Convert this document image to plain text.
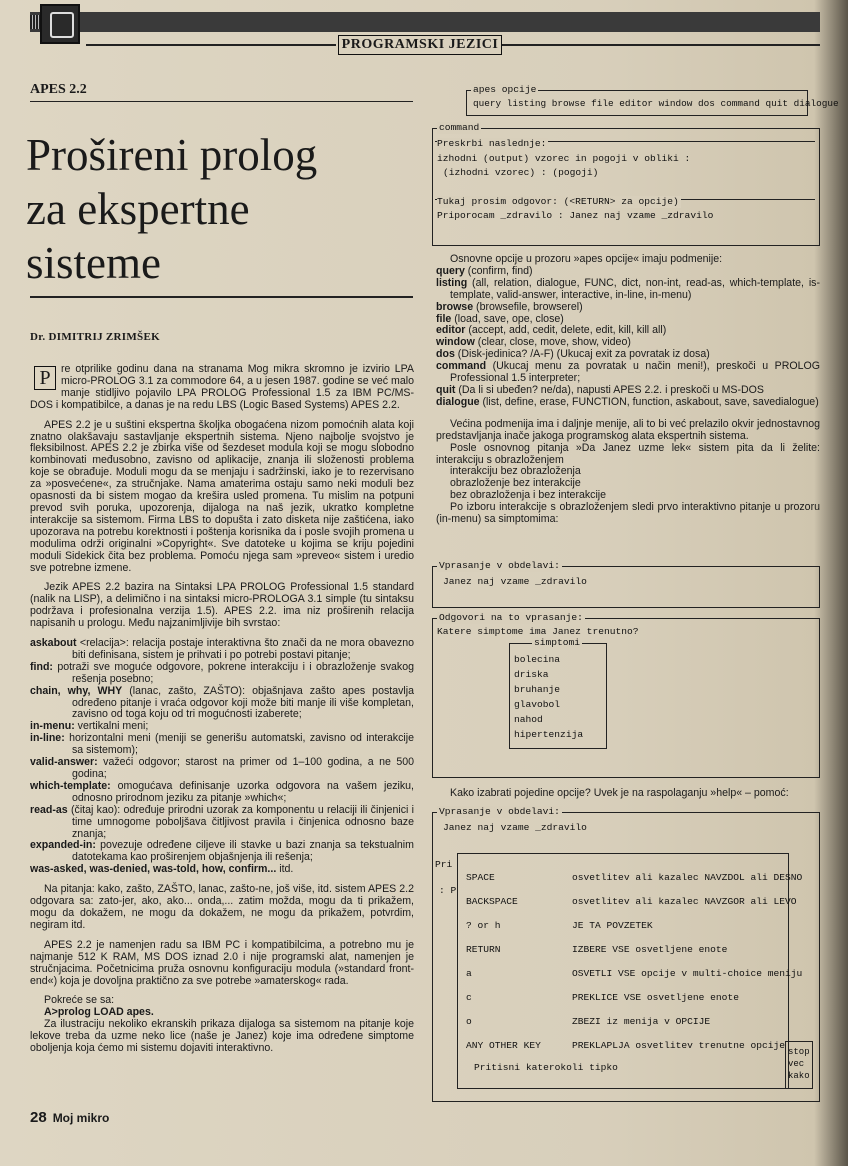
PROGRAMSKI JEZICI
APES 2.2
Prošireni prolog
za ekspertne
sisteme
Dr. DIMITRIJ ZRIMŠEK

P re otprilike godinu dana na stranama Mog mikra skromno je izvirio LPA micro-PROLOG 3.1 za commodore 64, a u jesen 1987. godine se već malo manje stidljivo pojavilo LPA PROLOG Professional 1.5 za IBM PC/MS-DOS i kompatibilce, a danas je na redu LBS (Logic Based Systems) APES 2.2.

APES 2.2 je u suštini ekspertna školjka obogaćena nizom pomoćnih alata koji znatno olakšavaju sastavljanje ekspertnih sistema. Njeno najbolje svojstvo je fleksibilnost. APES 2.2 je zbirka više od šezdeset modula koji se mogu slobodno kombinovati međusobno, zavisno od aplikacije, znanja ili složenosti problema koje se obrađuje. Moduli mogu da se menjaju i sadržinski, iako je to rezervisano za »posvećene«, za stručnjake. Nama amaterima ostaju samo neki moduli bez opasnosti da bi sistem mogao da krešira usled promena. Tu mislim na potpuni prevod svih poruka, upozorenja, dijaloga na naš jezik, ukratko kompletne interakcije sa sistemom. Firma LBS to dopušta i zato disketa nije zaštićena, iako upozorava na potrebu korektnosti i poštenja korisnika da i posle svojih promena u modulima održi originalni »Copyright«. Sve datoteke u kojima se kriju pojedini moduli Sidekick čita bez problema. Pomoću njega sam »preveo« sistem i uredio sve potrebne izmene.

Jezik APES 2.2 bazira na Sintaksi LPA PROLOG Professional 1.5 standard (nalik na LISP), a delimično i na sintaksi micro-PROLOGA 3.1 simple (tu sintaksu podržava i profesionalna verzija 1.5). APES 2.2. ima niz proširenih relacija napisanih u prologu. Među najzanimljivije bih svrstao:

askabout <relacija>: relacija postaje interaktivna što znači da ne mora obavezno biti definisana, sistem je prihvati i po potrebi postavi pitanje;
find: potraži sve moguće odgovore, pokrene interakciju i i obrazloženje svakog rešenja posebno;
chain, why, WHY (lanac, zašto, ZAŠTO): objašnjava zašto apes postavlja određeno pitanje i vraća odgovor koji može biti manje ili više kompletan, zavisno od toga koju od tri mogućnosti izaberete;
in-menu: vertikalni meni;
in-line: horizontalni meni (meniji se generišu automatski, zavisno od interakcije sa sistemom);
valid-answer: važeći odgovor; starost na primer od 1–100 godina, a ne 500 godina;
which-template: omogućava definisanje uzorka odgovora na vašem jeziku, odnosno prirodnom jeziku za pitanje »which«;
read-as (čitaj kao): određuje prirodni uzorak za komponentu u relaciji ili činjenici i time umnogome poboljšava čitljivost pravila i činjenica odnosno baze znanja;
expanded-in: povezuje određene ciljeve ili stavke u bazi znanja sa tekstualnim datotekama kao proširenjem objašnjenja ili rešenja;
was-asked, was-denied, was-told, how, confirm... itd.

Na pitanja: kako, zašto, ZAŠTO, lanac, zašto-ne, još više, itd. sistem APES 2.2 odgovara sa: zato-jer, ako, ako... onda,... zatim možda, mogu da ti prikažem, mogu da dokažem, ne mogu da dokažem, ne mogu da prikažem, potvrdim, negiram itd.

APES 2.2 je namenjen radu sa IBM PC i kompatibilcima, a potrebno mu je najmanje 512 K RAM, MS DOS iznad 2.0 i nije programski alat, namenjen je stručnjacima. Početnicima pruža osnovnu konfiguraciju modula (»standard front-end«) koja je dovoljna praktično za sve potrebe »amaterskog« rada.

Pokreće se sa:

A>prolog LOAD apes.

Za ilustraciju nekoliko ekranskih prikaza dijaloga sa sistemom na pitanje koje lekove treba da uzme neko lice (naše je Janez) koje ima određene simptome oboljenja koja ćemo mi sistemu dojaviti interaktivno.

28 Moj mikro
apes opcije
query listing browse file editor window dos command quit dialogue
command
Preskrbi naslednje:
izhodni (output) vzorec in pogoji v obliki :
(izhodni vzorec) : (pogoji)
Tukaj prosim odgovor: (<RETURN> za opcije)
Priporocam _zdravilo : Janez naj vzame _zdravilo

Osnovne opcije u prozoru »apes opcije« imaju podmenije:

query (confirm, find)

listing (all, relation, dialogue, FUNC, dict, non-int, read-as, which-template, is-template, valid-answer, interactive, in-line, in-menu)

browse (browsefile, browserel)

file (load, save, ope, close)

editor (accept, add, cedit, delete, edit, kill, kill all)

window (clear, close, move, show, video)

dos (Disk-jedinica? /A-F) (Ukucaj exit za povratak iz dosa)

command (Ukucaj menu za povratak u način meni!), preskoči u PROLOG Professional 1.5 interpreter;

quit (Da li si ubeđen? ne/da), napusti APES 2.2. i preskoči u MS-DOS

dialogue (list, define, erase, FUNCTION, function, askabout, save, savedialogue)

Većina podmenija ima i daljnje menije, ali to bi već prelazilo okvir jednostavnog predstavljanja inače jakoga programskog alata ekspertnih sistema.

Posle osnovnog pitanja »Da Janez uzme lek« sistem pita da li želite: interakciju s obrazloženjem

interakciju bez obrazloženja

obrazloženje bez interakcije

bez obrazloženja i bez interakcije

Po izboru interakcije s obrazloženjem sledi prvo interaktivno pitanje u prozoru (in-menu) sa simptomima:

Vprasanje v obdelavi:
Janez naj vzame _zdravilo
Odgovori na to vprasanje:
Katere simptome ima Janez trenutno?
simptomi
bolecina
driska
bruhanje
glavobol
nahod
hipertenzija

Kako izabrati pojedine opcije? Uvek je na raspolaganju »help« – pomoć:

Vprasanje v obdelavi:
Janez naj vzame _zdravilo
Pri
: P
SPACE	osvetlitev ali kazalec NAVZDOL ali DESNO
BACKSPACE	osvetlitev ali kazalec NAVZGOR ali LEVO
? or h	JE TA POVZETEK
RETURN	IZBERE VSE osvetljene enote
a	OSVETLI VSE opcije v multi-choice meniju
c	PREKLICE VSE osvetljene enote
o	ZBEZI iz menija v OPCIJE
ANY OTHER KEY	PREKLAPLJA osvetlitev trenutne opcije
Pritisni katerokoli tipko
stop
vec
kako
